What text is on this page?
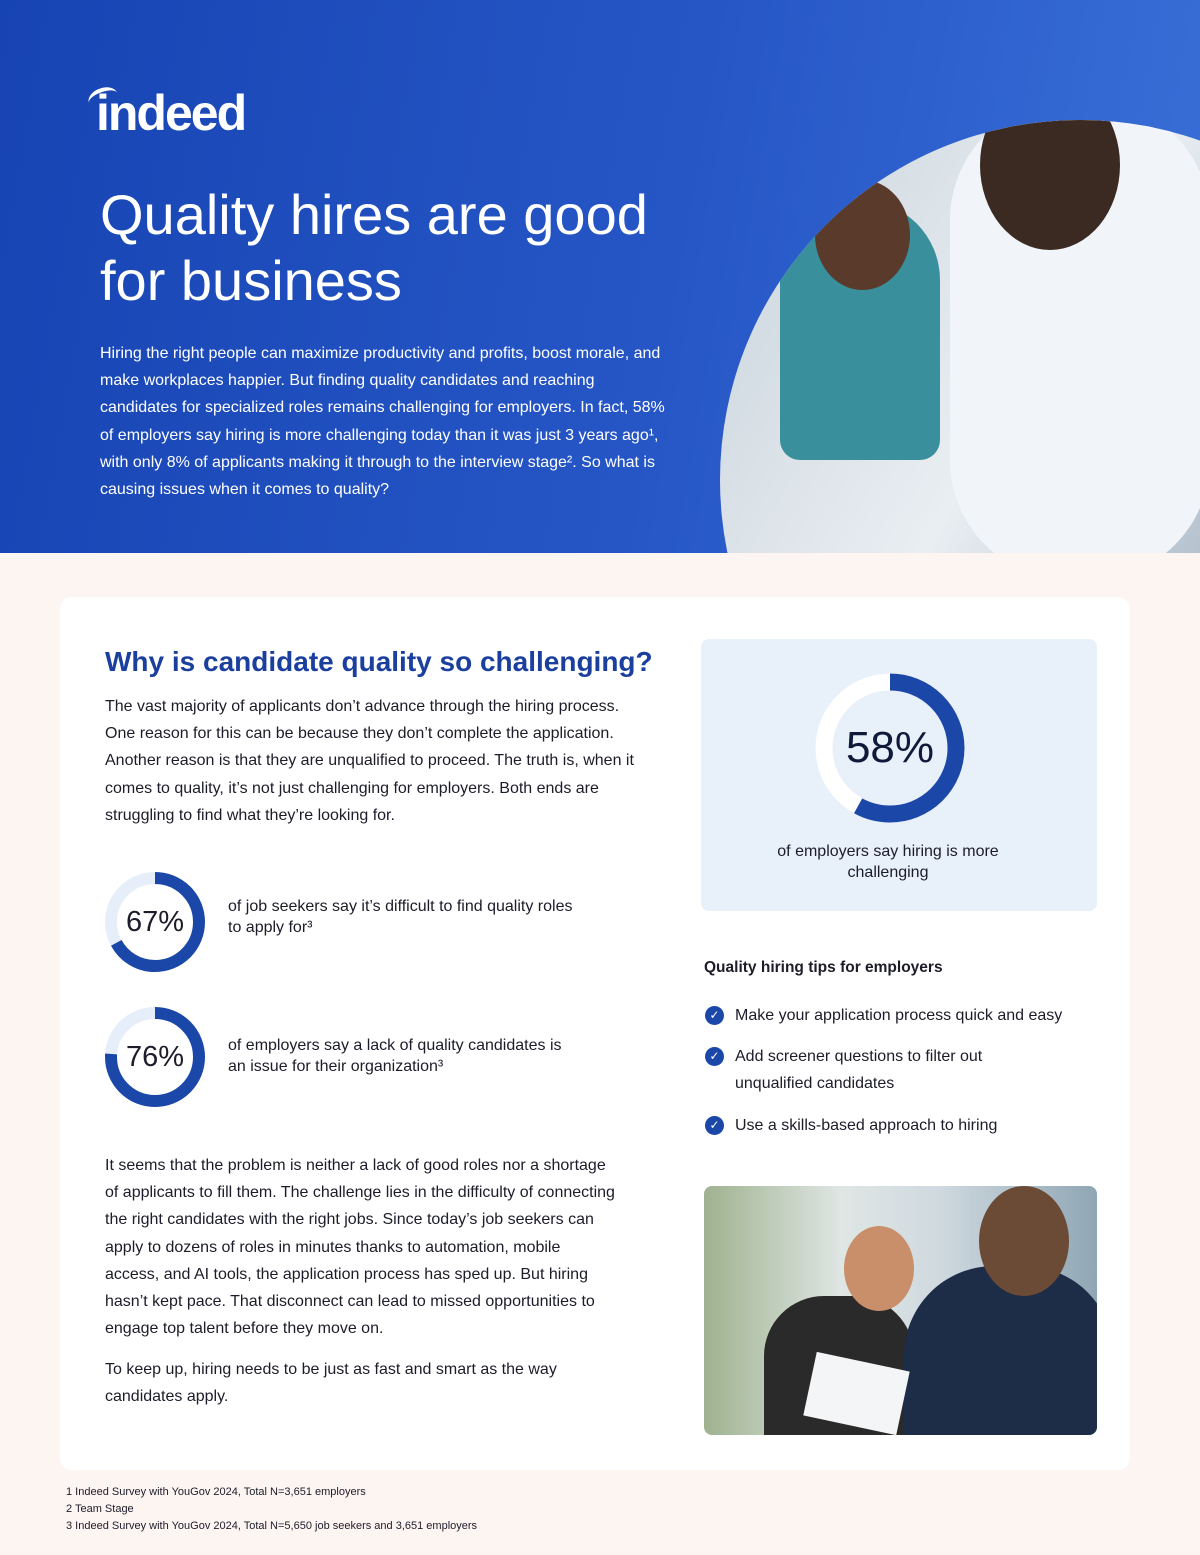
indeed
Quality hires are good for business

Hiring the right people can maximize productivity and profits, boost morale, and make workplaces happier. But finding quality candidates and reaching candidates for specialized roles remains challenging for employers. In fact, 58% of employers say hiring is more challenging today than it was just 3 years ago¹, with only 8% of applicants making it through to the interview stage². So what is causing issues when it comes to quality?

Why is candidate quality so challenging?
The vast majority of applicants don’t advance through the hiring process. One reason for this can be because they don’t complete the application. Another reason is that they are unqualified to proceed. The truth is, when it comes to quality, it’s not just challenging for employers. Both ends are struggling to find what they’re looking for.
67%	of job seekers say it’s difficult to find quality roles to apply for³
76%	of employers say a lack of quality candidates is an issue for their organization³
It seems that the problem is neither a lack of good roles nor a shortage of applicants to fill them. The challenge lies in the difficulty of connecting the right candidates with the right jobs. Since today’s job seekers can apply to dozens of roles in minutes thanks to automation, mobile access, and AI tools, the application process has sped up. But hiring hasn’t kept pace. That disconnect can lead to missed opportunities to engage top talent before they move on.
To keep up, hiring needs to be just as fast and smart as the way candidates apply.
58%
of employers say hiring is more challenging
Quality hiring tips for employers
✓ Make your application process quick and easy
✓ Add screener questions to filter out unqualified candidates
✓ Use a skills-based approach to hiring
1 Indeed Survey with YouGov 2024, Total N=3,651 employers
2 Team Stage
3 Indeed Survey with YouGov 2024, Total N=5,650 job seekers and 3,651 employers
